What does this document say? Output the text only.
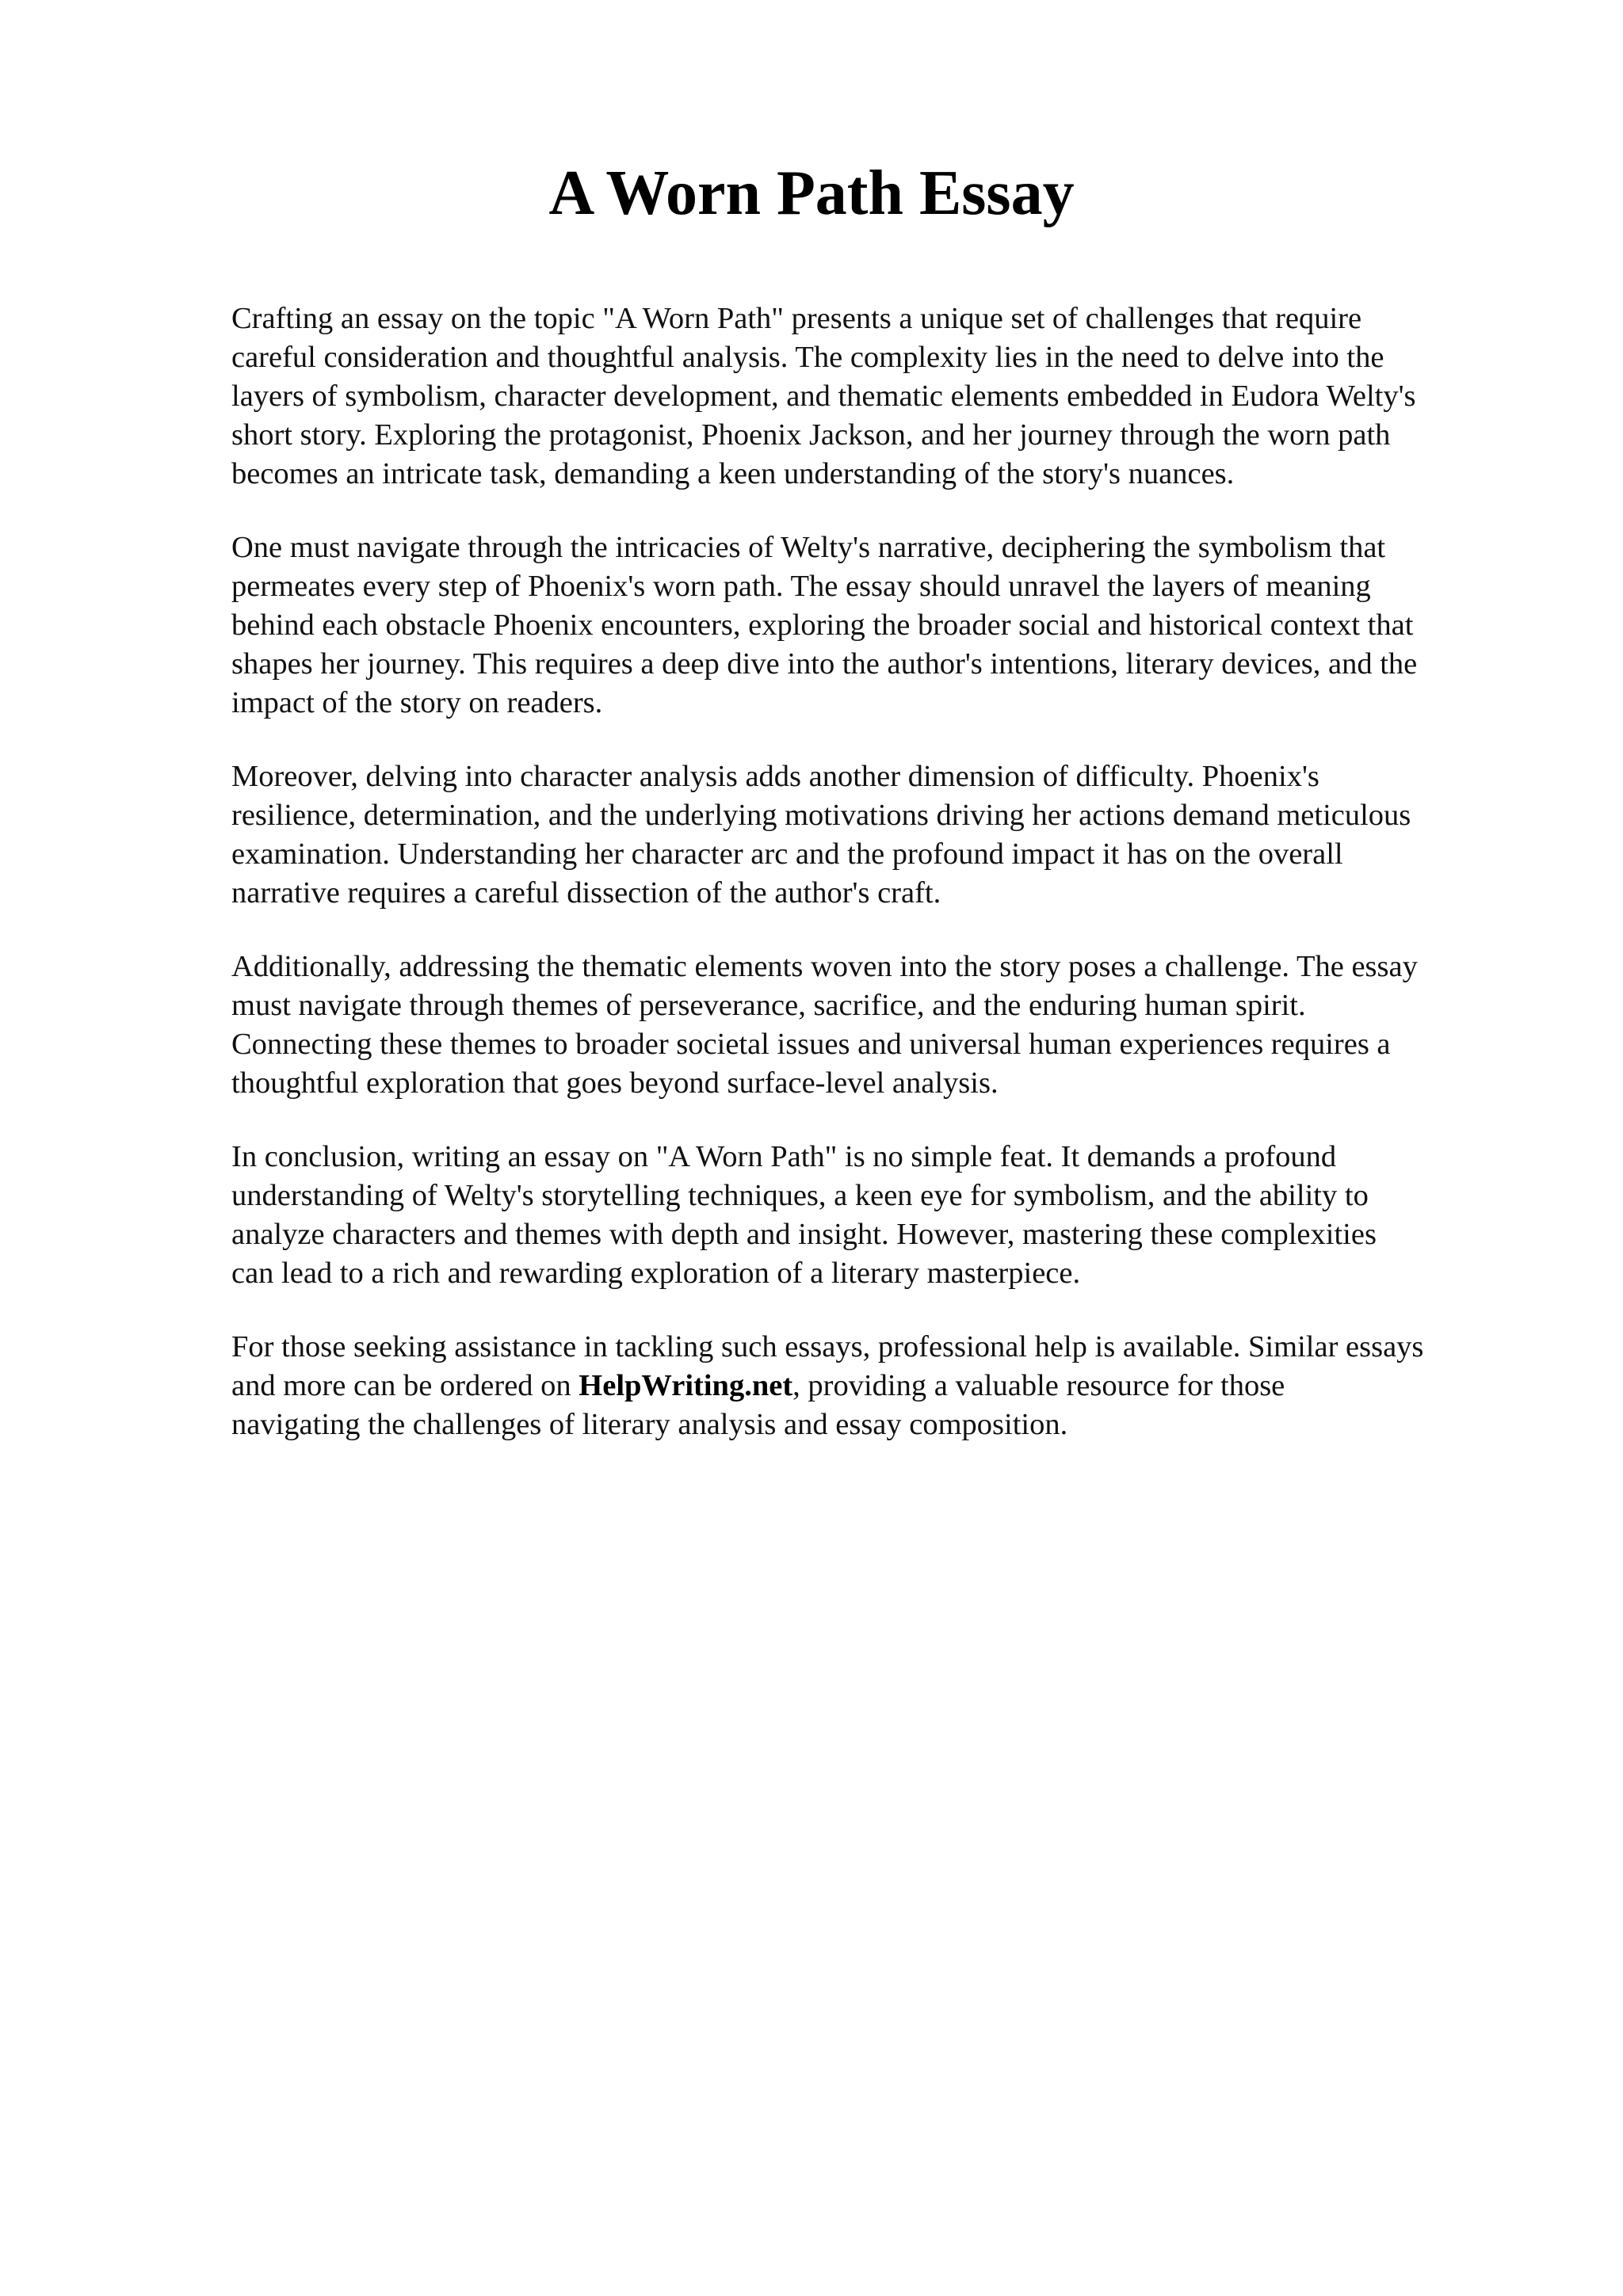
A Worn Path Essay

Crafting an essay on the topic "A Worn Path" presents a unique set of challenges that require
careful consideration and thoughtful analysis. The complexity lies in the need to delve into the
layers of symbolism, character development, and thematic elements embedded in Eudora Welty's
short story. Exploring the protagonist, Phoenix Jackson, and her journey through the worn path
becomes an intricate task, demanding a keen understanding of the story's nuances.

One must navigate through the intricacies of Welty's narrative, deciphering the symbolism that
permeates every step of Phoenix's worn path. The essay should unravel the layers of meaning
behind each obstacle Phoenix encounters, exploring the broader social and historical context that
shapes her journey. This requires a deep dive into the author's intentions, literary devices, and the
impact of the story on readers.

Moreover, delving into character analysis adds another dimension of difficulty. Phoenix's
resilience, determination, and the underlying motivations driving her actions demand meticulous
examination. Understanding her character arc and the profound impact it has on the overall
narrative requires a careful dissection of the author's craft.

Additionally, addressing the thematic elements woven into the story poses a challenge. The essay
must navigate through themes of perseverance, sacrifice, and the enduring human spirit.
Connecting these themes to broader societal issues and universal human experiences requires a
thoughtful exploration that goes beyond surface-level analysis.

In conclusion, writing an essay on "A Worn Path" is no simple feat. It demands a profound
understanding of Welty's storytelling techniques, a keen eye for symbolism, and the ability to
analyze characters and themes with depth and insight. However, mastering these complexities
can lead to a rich and rewarding exploration of a literary masterpiece.

For those seeking assistance in tackling such essays, professional help is available. Similar essays
and more can be ordered on HelpWriting.net, providing a valuable resource for those
navigating the challenges of literary analysis and essay composition.
